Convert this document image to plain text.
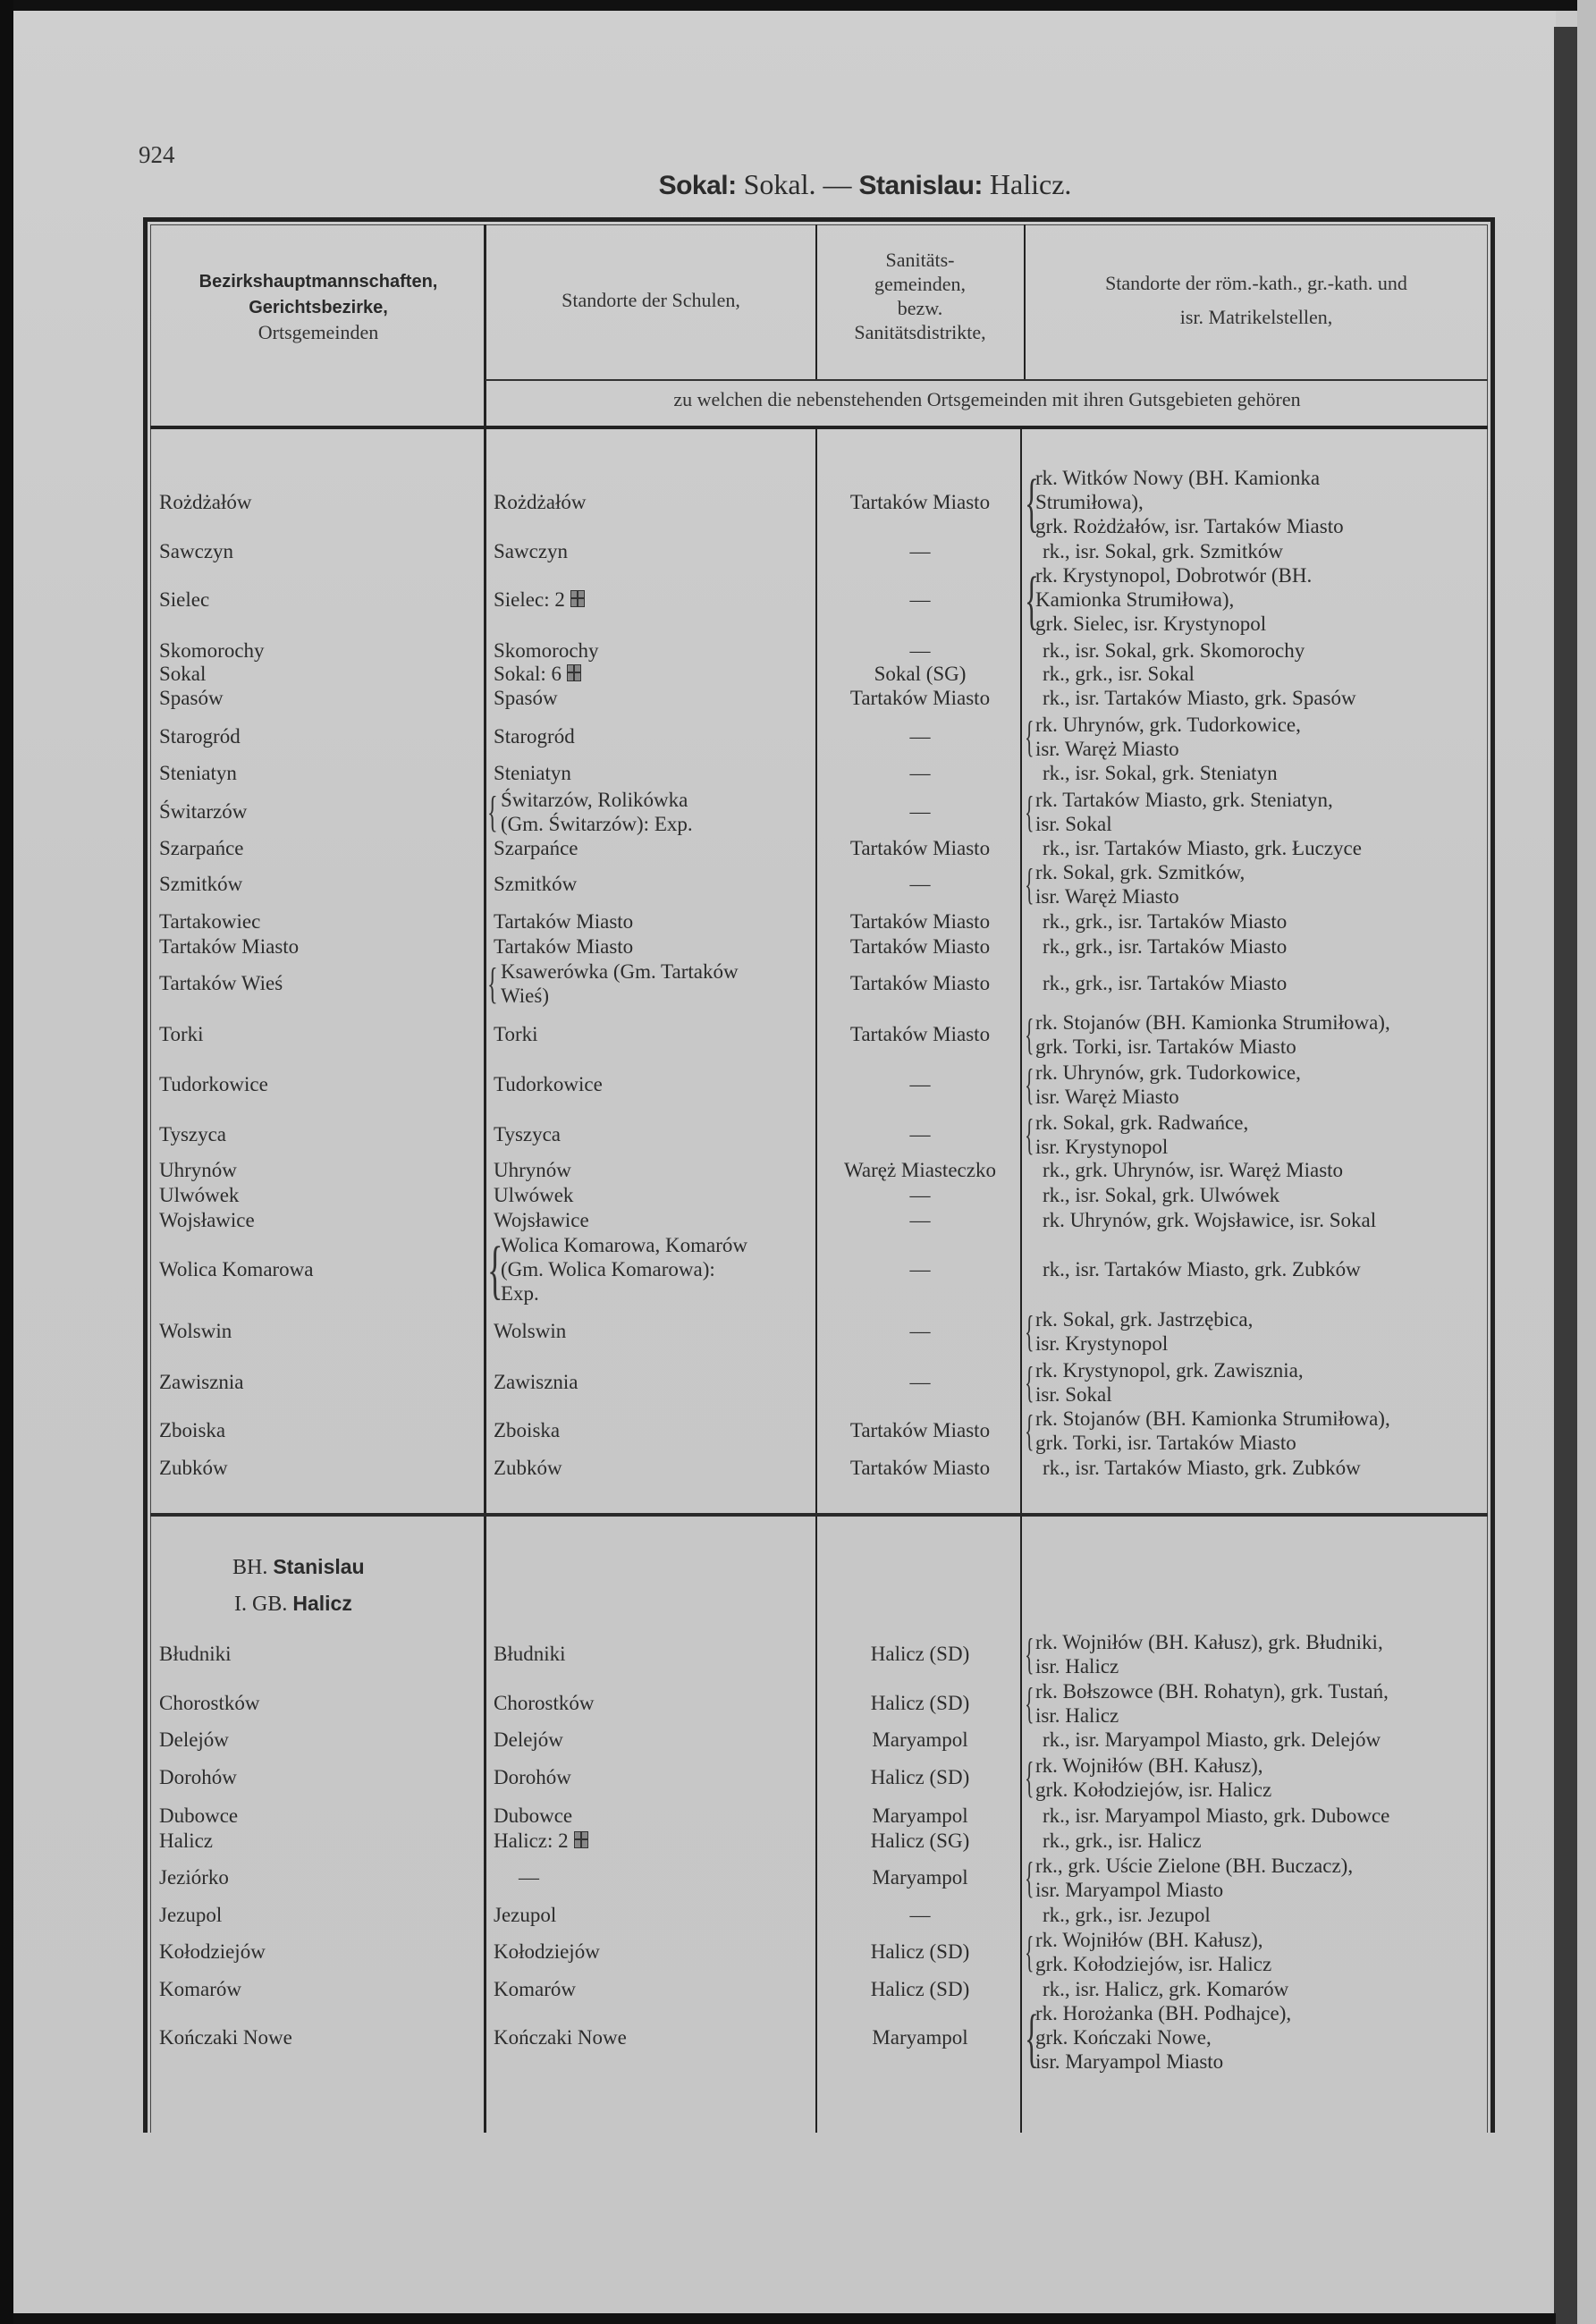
924
Sokal: Sokal. — Stanislau: Halicz.
Bezirkshauptmannschaften,
Gerichtsbezirke,
Ortsgemeinden
Standorte der Schulen,
Sanitäts-
gemeinden,
bezw.
Sanitätsdistrikte,
Standorte der röm.-kath., gr.-kath. und
isr. Matrikelstellen,
zu welchen die nebenstehenden Ortsgemeinden mit ihren Gutsgebieten gehören
Rożdżałów	Rożdżałów	Tartaków Miasto {
rk. Witków Nowy (BH. Kamionka
Strumiłowa),
grk. Rożdżałów, isr. Tartaków Miasto
Sawczyn	Sawczyn	—	rk., isr. Sokal, grk. Szmitków
Sielec	Sielec: 2	—	{
rk. Krystynopol, Dobrotwór (BH.
Kamionka Strumiłowa),
grk. Sielec, isr. Krystynopol
Skomorochy	Skomorochy	—	rk., isr. Sokal, grk. Skomorochy
Sokal	Sokal: 6	Sokal (SG)	rk., grk., isr. Sokal
Spasów	Spasów	Tartaków Miasto	rk., isr. Tartaków Miasto, grk. Spasów
Starogród	Starogród	—	{ rk. Uhrynów, grk. Tudorkowice,
isr. Waręż Miasto
Steniatyn	Steniatyn	—	rk., isr. Sokal, grk. Steniatyn
Świtarzów	{ Świtarzów, Rolikówka
(Gm. Świtarzów): Exp.
—	{ rk. Tartaków Miasto, grk. Steniatyn,
isr. Sokal
Szarpańce	Szarpańce	Tartaków Miasto	rk., isr. Tartaków Miasto, grk. Łuczyce
Szmitków	Szmitków	—	{ rk. Sokal, grk. Szmitków,
isr. Waręż Miasto
Tartakowiec	Tartaków Miasto	Tartaków Miasto	rk., grk., isr. Tartaków Miasto
Tartaków Miasto	Tartaków Miasto	Tartaków Miasto	rk., grk., isr. Tartaków Miasto
Tartaków Wieś	{ Ksawerówka (Gm. Tartaków
Wieś)
Tartaków Miasto	rk., grk., isr. Tartaków Miasto
Torki	Torki	Tartaków Miasto { rk. Stojanów (BH. Kamionka Strumiłowa),
grk. Torki, isr. Tartaków Miasto
Tudorkowice	Tudorkowice	—	{ rk. Uhrynów, grk. Tudorkowice,
isr. Waręż Miasto
Tyszyca	Tyszyca	—	{ rk. Sokal, grk. Radwańce,
isr. Krystynopol
Uhrynów	Uhrynów	Waręż Miasteczko	rk., grk. Uhrynów, isr. Waręż Miasto
Ulwówek	Ulwówek	—	rk., isr. Sokal, grk. Ulwówek
Wojsławice	Wojsławice	—	rk. Uhrynów, grk. Wojsławice, isr. Sokal
Wolica Komarowa	{
Wolica Komarowa, Komarów
(Gm. Wolica Komarowa):
Exp.
—	rk., isr. Tartaków Miasto, grk. Zubków
Wolswin	Wolswin	—	{ rk. Sokal, grk. Jastrzębica,
isr. Krystynopol
Zawisznia	Zawisznia	—	{ rk. Krystynopol, grk. Zawisznia,
isr. Sokal
Zboiska	Zboiska	Tartaków Miasto { rk. Stojanów (BH. Kamionka Strumiłowa),
grk. Torki, isr. Tartaków Miasto
Zubków	Zubków	Tartaków Miasto	rk., isr. Tartaków Miasto, grk. Zubków
BH. Stanislau
I. GB. Halicz
Błudniki	Błudniki	Halicz (SD)	{ rk. Wojniłów (BH. Kałusz), grk. Błudniki,
isr. Halicz
Chorostków	Chorostków	Halicz (SD)	{ rk. Bołszowce (BH. Rohatyn), grk. Tustań,
isr. Halicz
Delejów	Delejów	Maryampol	rk., isr. Maryampol Miasto, grk. Delejów
Dorohów	Dorohów	Halicz (SD)	{ rk. Wojniłów (BH. Kałusz),
grk. Kołodziejów, isr. Halicz
Dubowce	Dubowce	Maryampol	rk., isr. Maryampol Miasto, grk. Dubowce
Halicz	Halicz: 2	Halicz (SG)	rk., grk., isr. Halicz
Jeziórko	—	Maryampol	{ rk., grk. Uście Zielone (BH. Buczacz),
isr. Maryampol Miasto
Jezupol	Jezupol	—	rk., grk., isr. Jezupol
Kołodziejów	Kołodziejów	Halicz (SD)	{ rk. Wojniłów (BH. Kałusz),
grk. Kołodziejów, isr. Halicz
Komarów	Komarów	Halicz (SD)	rk., isr. Halicz, grk. Komarów
Kończaki Nowe	Kończaki Nowe	Maryampol {
rk. Horożanka (BH. Podhajce),
grk. Kończaki Nowe,
isr. Maryampol Miasto
